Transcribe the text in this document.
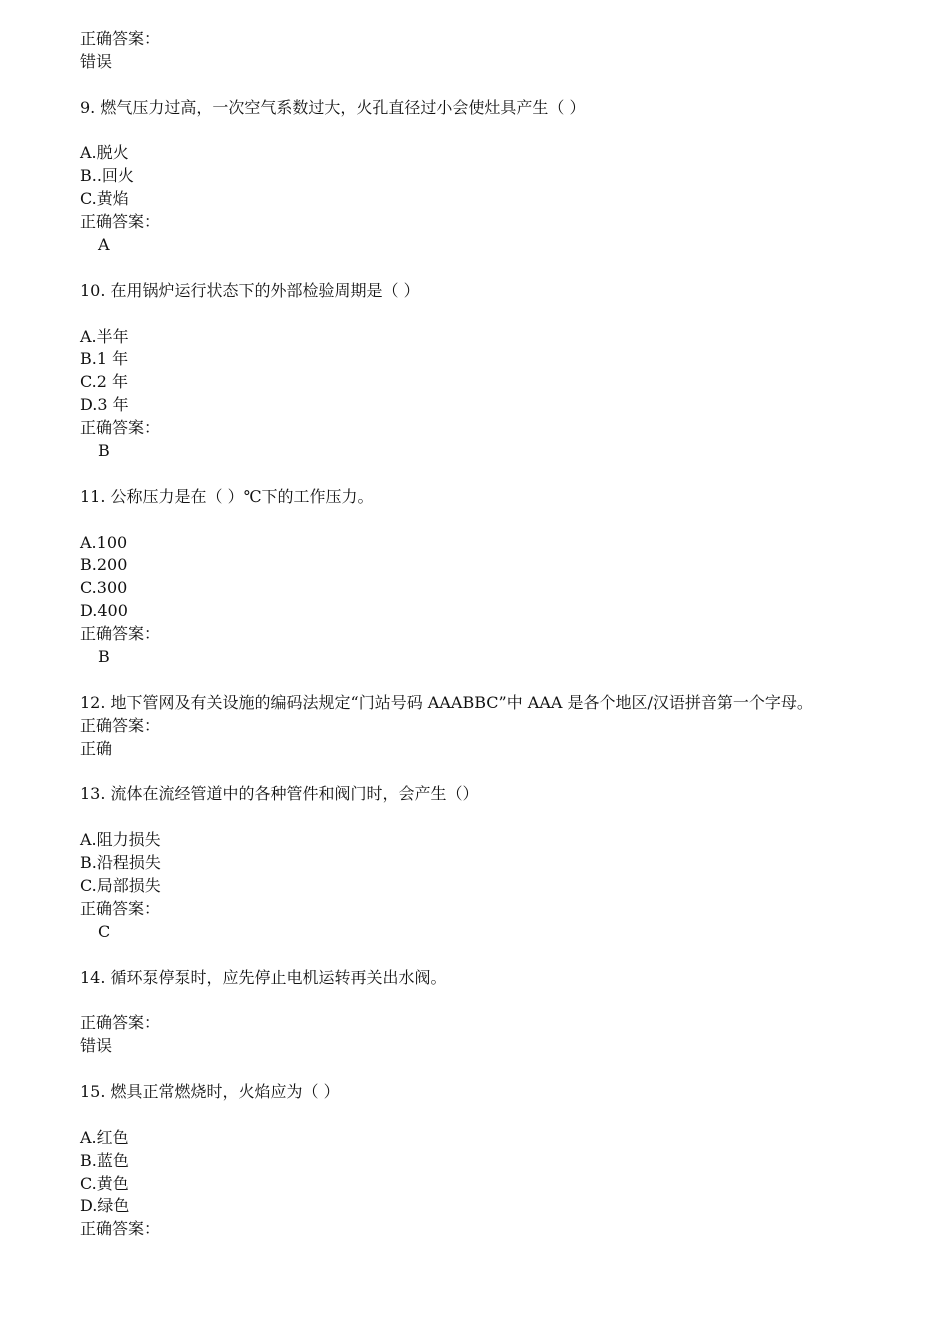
正确答案：
错误
9. 燃气压力过高，一次空气系数过大，火孔直径过小会使灶具产生（ ）
A.脱火
B..回火
C.黄焰
正确答案：
A
10. 在用锅炉运行状态下的外部检验周期是（ ）
A.半年
B.1 年
C.2 年
D.3 年
正确答案：
B
11. 公称压力是在（ ）℃下的工作压力。
A.100
B.200
C.300
D.400
正确答案：
B
12. 地下管网及有关设施的编码法规定“门站号码 AAABBC”中 AAA 是各个地区/汉语拼音第一个字母。
正确答案：
正确
13. 流体在流经管道中的各种管件和阀门时，会产生（）
A.阻力损失
B.沿程损失
C.局部损失
正确答案：
C
14. 循环泵停泵时，应先停止电机运转再关出水阀。
正确答案：
错误
15. 燃具正常燃烧时，火焰应为（ ）
A.红色
B.蓝色
C.黄色
D.绿色
正确答案：
